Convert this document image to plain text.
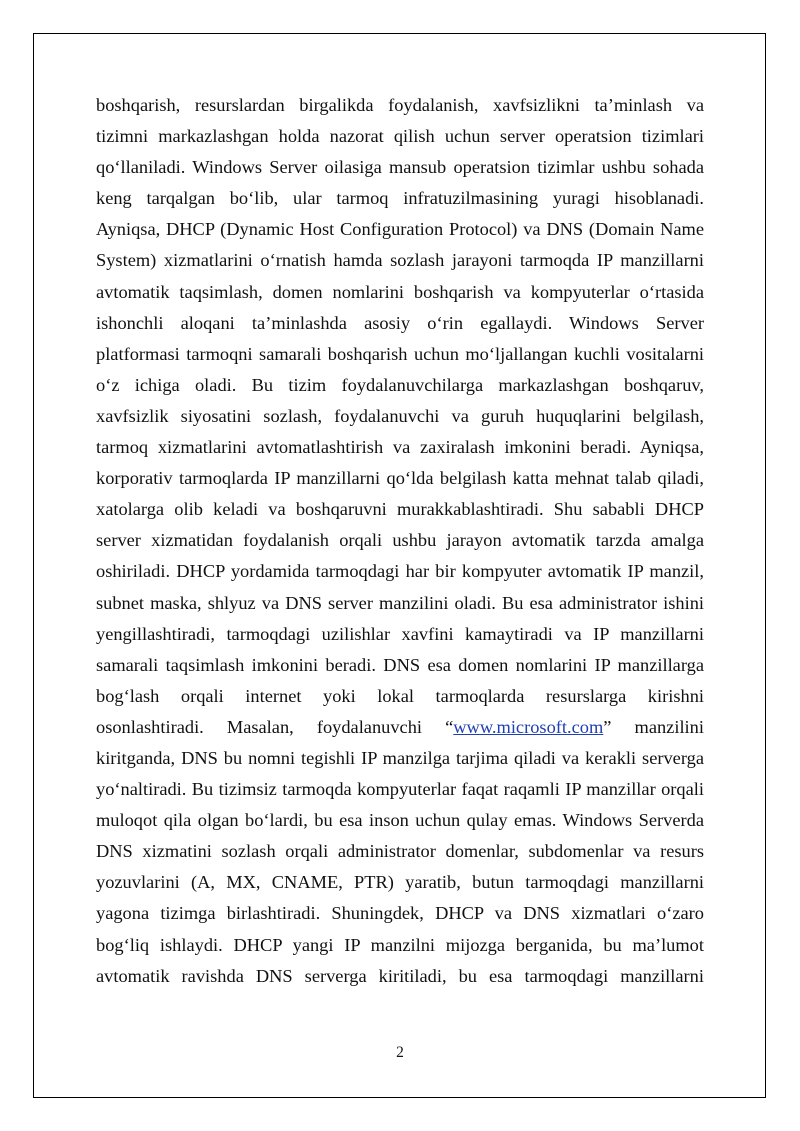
boshqarish, resurslardan birgalikda foydalanish, xavfsizlikni ta’minlash va
tizimni markazlashgan holda nazorat qilish uchun server operatsion tizimlari
qo‘llaniladi. Windows Server oilasiga mansub operatsion tizimlar ushbu sohada
keng tarqalgan bo‘lib, ular tarmoq infratuzilmasining yuragi hisoblanadi.
Ayniqsa, DHCP (Dynamic Host Configuration Protocol) va DNS (Domain Name
System) xizmatlarini o‘rnatish hamda sozlash jarayoni tarmoqda IP manzillarni
avtomatik taqsimlash, domen nomlarini boshqarish va kompyuterlar o‘rtasida
ishonchli aloqani ta’minlashda asosiy o‘rin egallaydi. Windows Server
platformasi tarmoqni samarali boshqarish uchun mo‘ljallangan kuchli vositalarni
o‘z ichiga oladi. Bu tizim foydalanuvchilarga markazlashgan boshqaruv,
xavfsizlik siyosatini sozlash, foydalanuvchi va guruh huquqlarini belgilash,
tarmoq xizmatlarini avtomatlashtirish va zaxiralash imkonini beradi. Ayniqsa,
korporativ tarmoqlarda IP manzillarni qo‘lda belgilash katta mehnat talab qiladi,
xatolarga olib keladi va boshqaruvni murakkablashtiradi. Shu sababli DHCP
server xizmatidan foydalanish orqali ushbu jarayon avtomatik tarzda amalga
oshiriladi. DHCP yordamida tarmoqdagi har bir kompyuter avtomatik IP manzil,
subnet maska, shlyuz va DNS server manzilini oladi. Bu esa administrator ishini
yengillashtiradi, tarmoqdagi uzilishlar xavfini kamaytiradi va IP manzillarni
samarali taqsimlash imkonini beradi. DNS esa domen nomlarini IP manzillarga
bog‘lash orqali internet yoki lokal tarmoqlarda resurslarga kirishni
osonlashtiradi. Masalan, foydalanuvchi “www.microsoft.com” manzilini
kiritganda, DNS bu nomni tegishli IP manzilga tarjima qiladi va kerakli serverga
yo‘naltiradi. Bu tizimsiz tarmoqda kompyuterlar faqat raqamli IP manzillar orqali
muloqot qila olgan bo‘lardi, bu esa inson uchun qulay emas. Windows Serverda
DNS xizmatini sozlash orqali administrator domenlar, subdomenlar va resurs
yozuvlarini (A, MX, CNAME, PTR) yaratib, butun tarmoqdagi manzillarni
yagona tizimga birlashtiradi. Shuningdek, DHCP va DNS xizmatlari o‘zaro
bog‘liq ishlaydi. DHCP yangi IP manzilni mijozga berganida, bu ma’lumot
avtomatik ravishda DNS serverga kiritiladi, bu esa tarmoqdagi manzillarni
2
